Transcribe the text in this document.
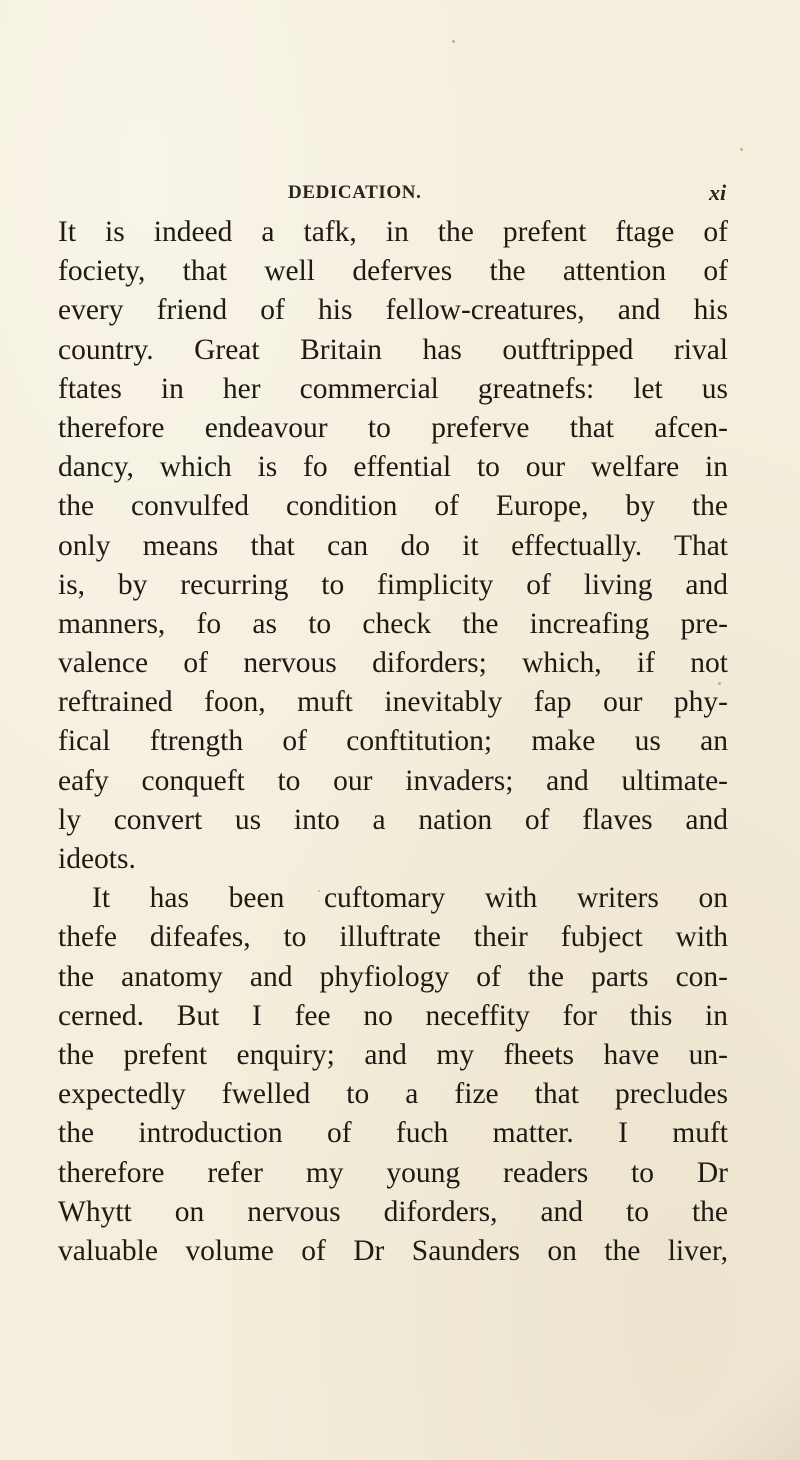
DEDICATION.	xi
It is indeed a tafk, in the prefent ftage of
fociety, that well deferves the attention of
every friend of his fellow-creatures, and his
country. Great Britain has outftripped rival
ftates in her commercial greatnefs: let us
therefore endeavour to preferve that afcen-
dancy, which is fo effential to our welfare in
the convulfed condition of Europe, by the
only means that can do it effectually. That
is, by recurring to fimplicity of living and
manners, fo as to check the increafing pre-
valence of nervous diforders; which, if not
reftrained foon, muft inevitably fap our phy-
fical ftrength of conftitution; make us an
eafy conqueft to our invaders; and ultimate-
ly convert us into a nation of flaves and
ideots.
It has been cuftomary with writers on
thefe difeafes, to illuftrate their fubject with
the anatomy and phyfiology of the parts con-
cerned. But I fee no neceffity for this in
the prefent enquiry; and my fheets have un-
expectedly fwelled to a fize that precludes
the introduction of fuch matter. I muft
therefore refer my young readers to Dr
Whytt on nervous diforders, and to the
valuable volume of Dr Saunders on the liver,
